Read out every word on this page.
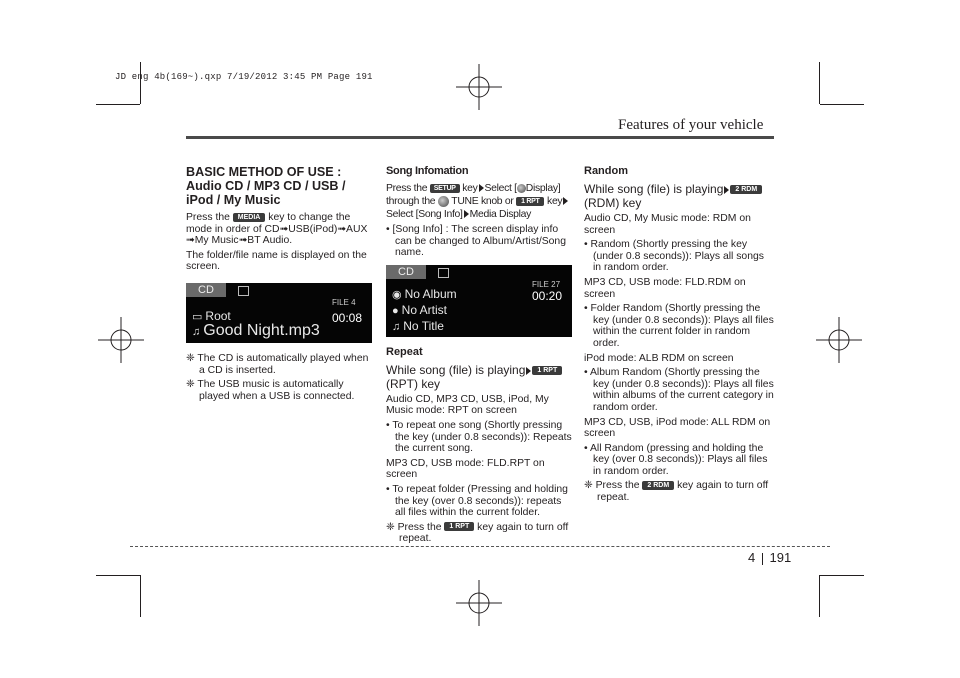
JD eng 4b(169~).qxp 7/19/2012 3:45 PM Page 191
Features of your vehicle
BASIC METHOD OF USE :
Audio CD / MP3 CD / USB / iPod / My Music

Press the MEDIA key to change the mode in order of CD➟USB(iPod)➟AUX ➟My Music➟BT Audio.

The folder/file name is displayed on the screen.

CD
FILE 4
▭ Root	00:08
♫ Good Night.mp3

❈ The CD is automatically played when a CD is inserted.

❈ The USB music is automatically played when a USB is connected.

Song Infomation

Press the SETUP key Select [ Display]
through the TUNE knob or 1 RPT key
Select [Song Info] Media Display

• [Song Info] : The screen display info can be changed to Album/Artist/Song name.

CD
FILE 27
00:20
◉ No Album
● No Artist
♫ No Title
Repeat

While song (file) is playing 1 RPT
(RPT) key

Audio CD, MP3 CD, USB, iPod, My Music mode: RPT on screen

• To repeat one song (Shortly pressing the key (under 0.8 seconds)): Repeats the current song.

MP3 CD, USB mode: FLD.RPT on screen

• To repeat folder (Pressing and holding the key (over 0.8 seconds)): repeats all files within the current folder.

❈ Press the 1 RPT key again to turn off repeat.

Random

While song (file) is playing 2 RDM
(RDM) key

Audio CD, My Music mode: RDM on screen

• Random (Shortly pressing the key (under 0.8 seconds)): Plays all songs in random order.

MP3 CD, USB mode: FLD.RDM on screen

• Folder Random (Shortly pressing the key (under 0.8 seconds)): Plays all files within the current folder in random order.

iPod mode: ALB RDM on screen

• Album Random (Shortly pressing the key (under 0.8 seconds)): Plays all files within albums of the current category in random order.

MP3 CD, USB, iPod mode: ALL RDM on screen

• All Random (pressing and holding the key (over 0.8 seconds)): Plays all files in random order.

❈ Press the 2 RDM key again to turn off repeat.

4 191
